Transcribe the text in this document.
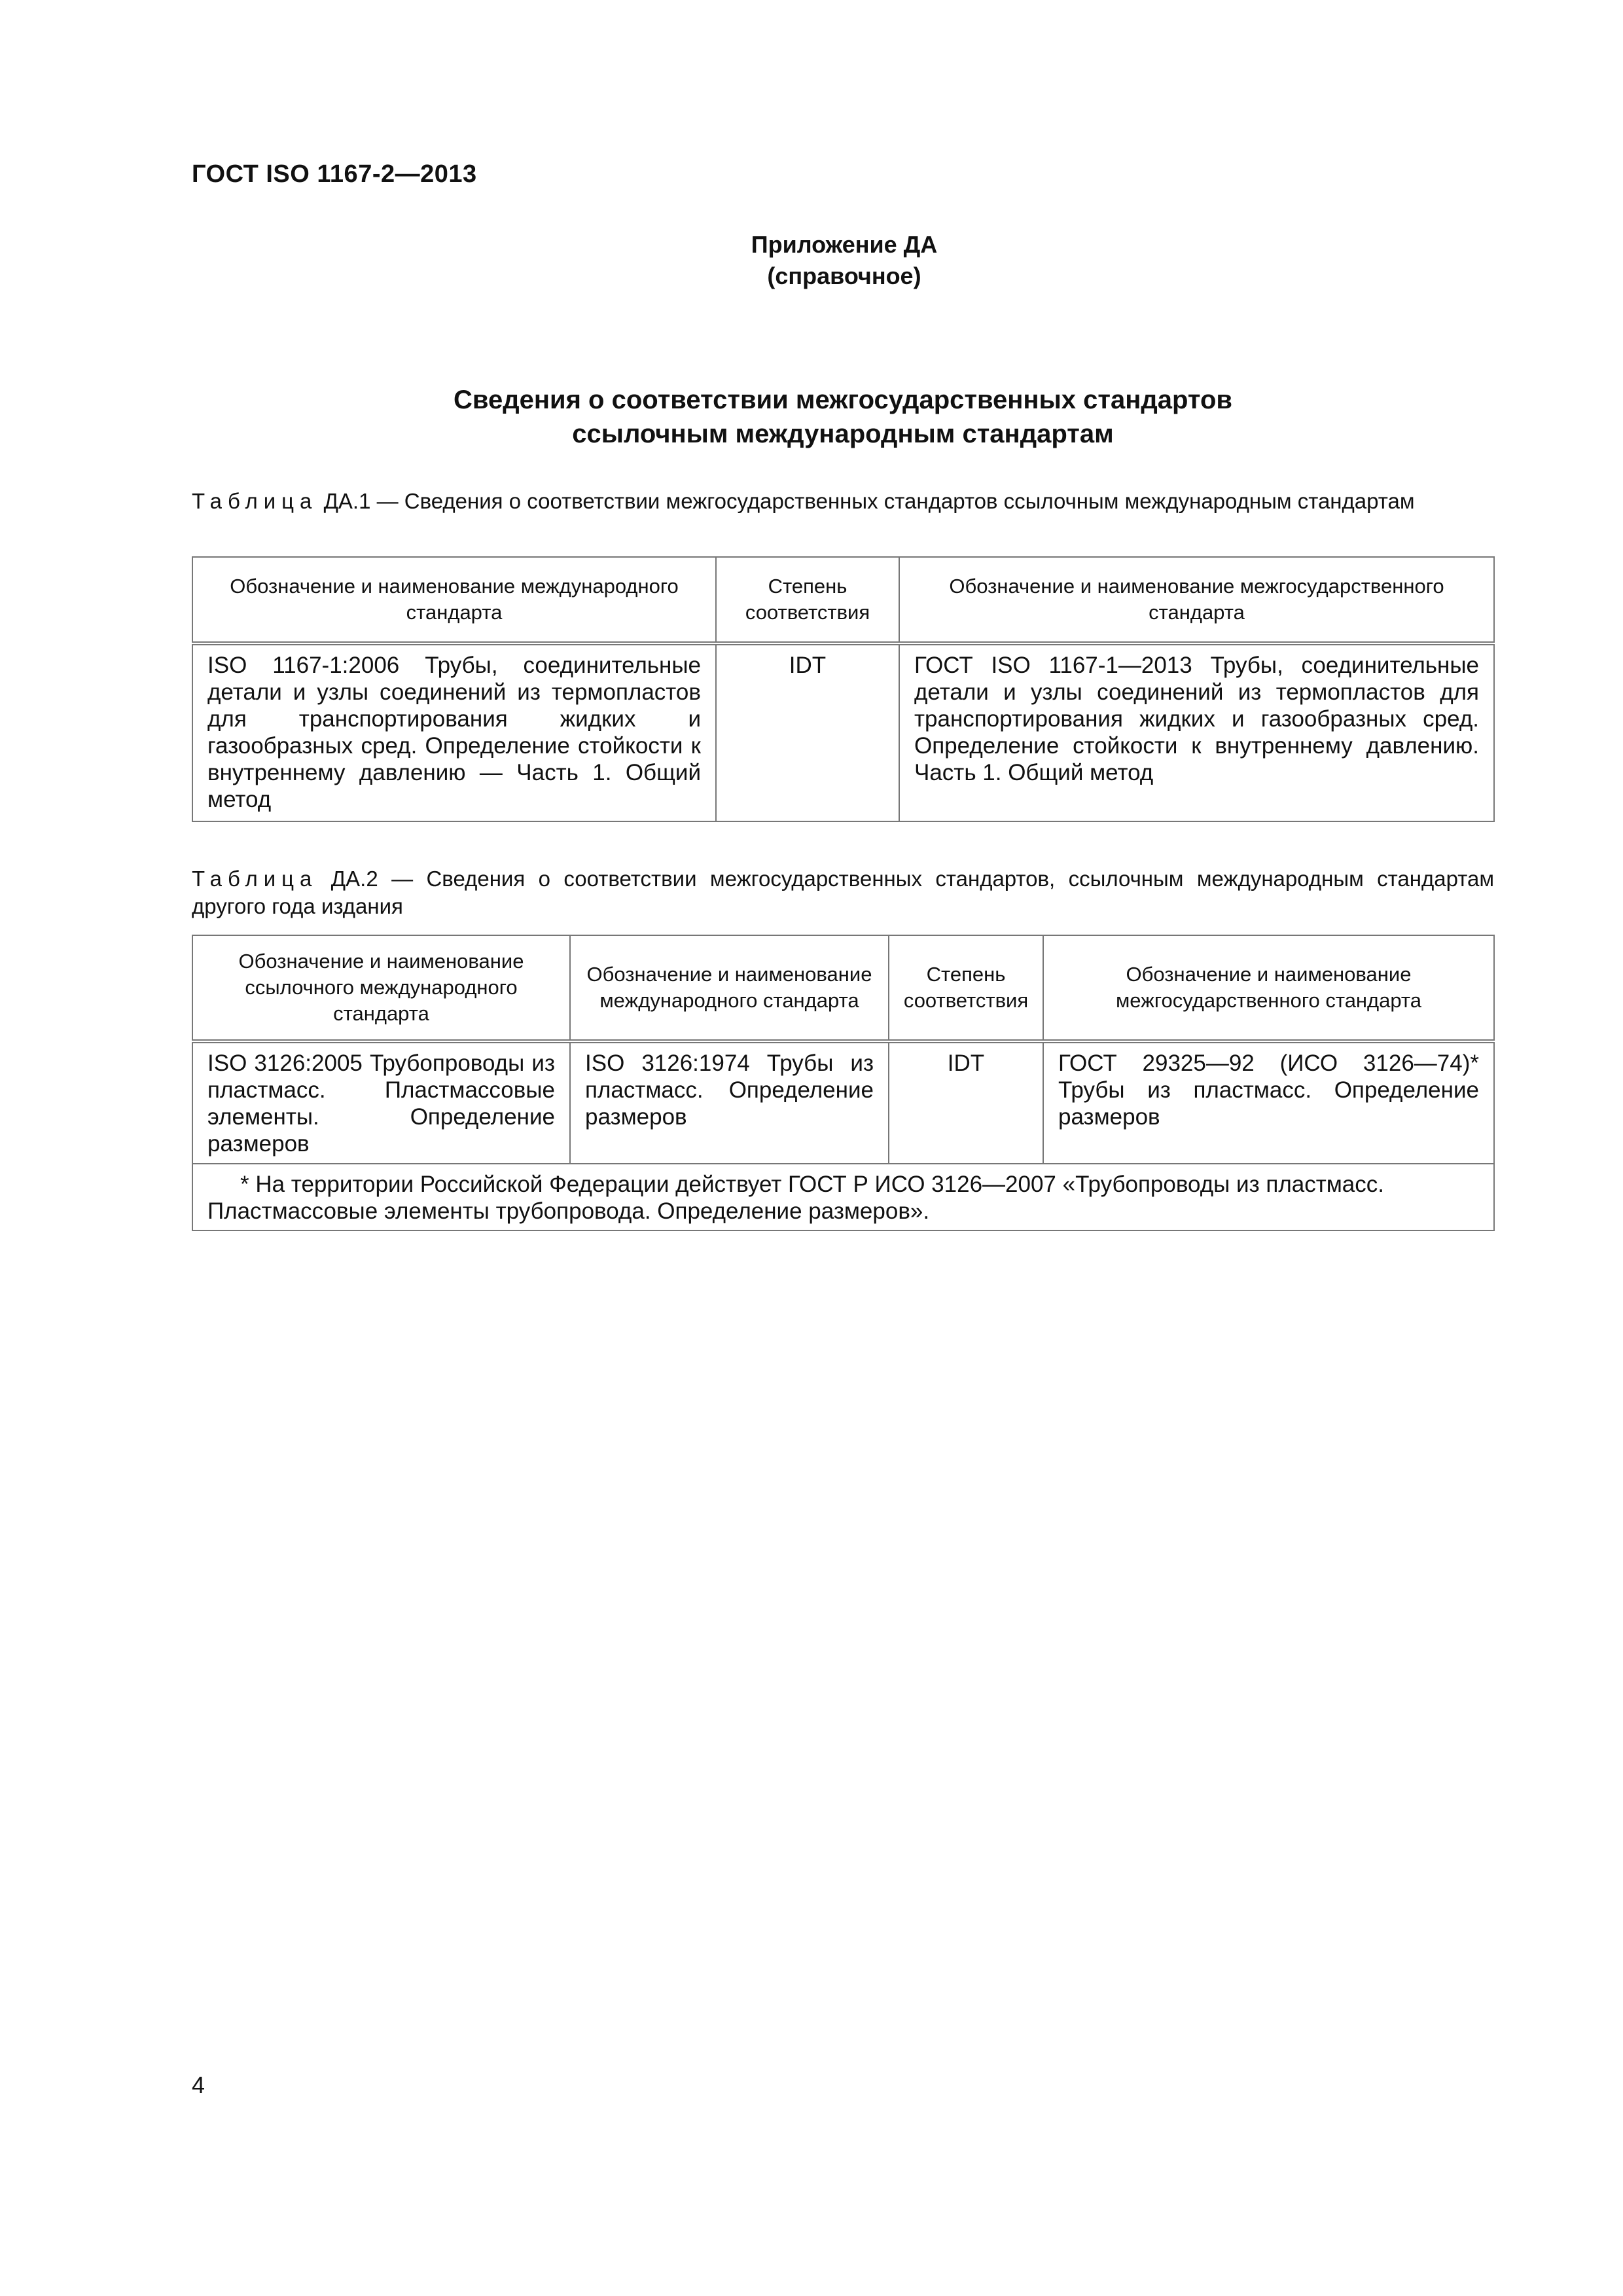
ГОСТ ISO 1167-2—2013
Приложение ДА
(справочное)
Сведения о соответствии межгосударственных стандартов
ссылочным международным стандартам
Таблица ДА.1 — Сведения о соответствии межгосударственных стандартов ссылочным международным стандартам
Обозначение и наименование международного стандарта	Степень соответствия	Обозначение и наименование межгосударственного стандарта
ISO 1167-1:2006 Трубы, соединительные детали и узлы соединений из термопластов для транспортирования жидких и газообразных сред. Определение стойкости к внутреннему давлению — Часть 1. Общий метод	IDT	ГОСТ ISO 1167-1—2013 Трубы, соединительные детали и узлы соединений из термопластов для транспортирования жидких и газообразных сред. Определение стойкости к внутреннему давлению. Часть 1. Общий метод
Таблица ДА.2 — Сведения о соответствии межгосударственных стандартов, ссылочным международным стандартам другого года издания
Обозначение и наименование ссылочного международного стандарта	Обозначение и наименование международного стандарта	Степень соответствия	Обозначение и наименование межгосударственного стандарта
ISO 3126:2005 Трубопроводы из пластмасс. Пластмассовые элементы. Определение размеров	ISO 3126:1974 Трубы из пластмасс. Определение размеров	IDT	ГОСТ 29325—92 (ИСО 3126—74)* Трубы из пластмасс. Определение размеров
* На территории Российской Федерации действует ГОСТ Р ИСО 3126—2007 «Трубопроводы из пластмасс. Пластмассовые элементы трубопровода. Определение размеров».			
4
